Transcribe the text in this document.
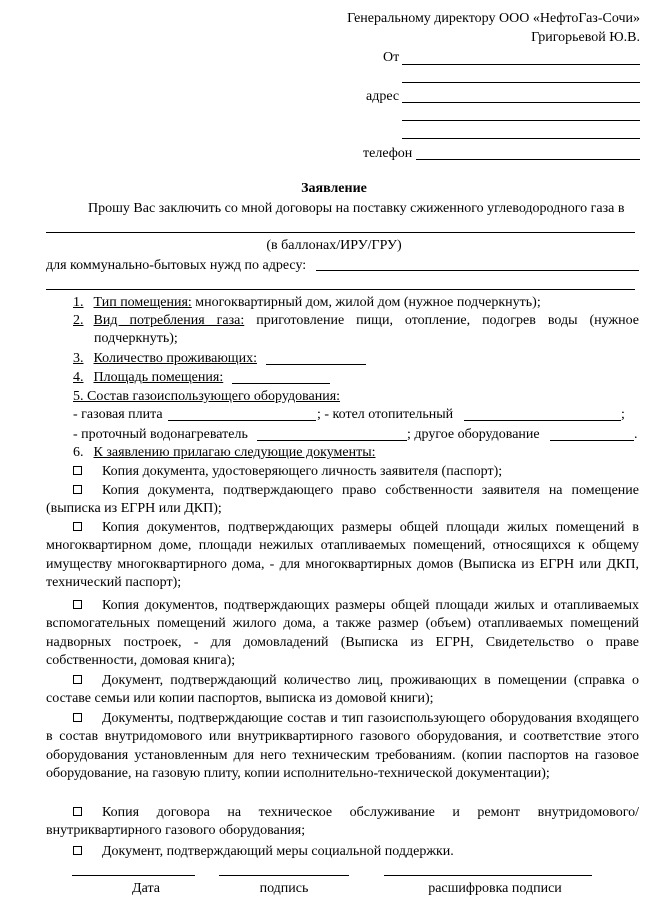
Генеральному директору ООО «НефтоГаз-Сочи»
Григорьевой Ю.В.
От
адрес
телефон
Заявление
Прошу Вас заключить со мной договоры на поставку сжиженного углеводородного газа в
(в баллонах/ИРУ/ГРУ)
для коммунально-бытовых нужд по адресу:
1. Тип помещения: многоквартирный дом, жилой дом (нужное подчеркнуть);
2. Вид потребления газа: приготовление пищи, отопление, подогрев воды (нужное
подчеркнуть);
3. Количество проживающих:
4. Площадь помещения:
5. Состав газоиспользующего оборудования:
- газовая плита	; - котел отопительный	;
- проточный водонагреватель	; другое оборудование	.
6. К заявлению прилагаю следующие документы:
Копия документа, удостоверяющего личность заявителя (паспорт);
Копия документа, подтверждающего право собственности заявителя на помещение (выписка из ЕГРН или ДКП);
Копия документов, подтверждающих размеры общей площади жилых помещений в многоквартирном доме, площади нежилых отапливаемых помещений, относящихся к общему имуществу многоквартирного дома, - для многоквартирных домов (Выписка из ЕГРН или ДКП, технический паспорт);
Копия документов, подтверждающих размеры общей площади жилых и отапливаемых вспомогательных помещений жилого дома, а также размер (объем) отапливаемых помещений надворных построек, - для домовладений (Выписка из ЕГРН, Свидетельство о праве собственности, домовая книга);
Документ, подтверждающий количество лиц, проживающих в помещении (справка о составе семьи или копии паспортов, выписка из домовой книги);
Документы, подтверждающие состав и тип газоиспользующего оборудования входящего в состав внутридомового или внутриквартирного газового оборудования, и соответствие этого оборудования установленным для него техническим требованиям. (копии паспортов на газовое оборудование, на газовую плиту, копии исполнительно-технической документации);
Копия договора на техническое обслуживание и ремонт внутридомового/внутриквартирного газового оборудования;
Документ, подтверждающий меры социальной поддержки.
Дата	подпись	расшифровка подписи
